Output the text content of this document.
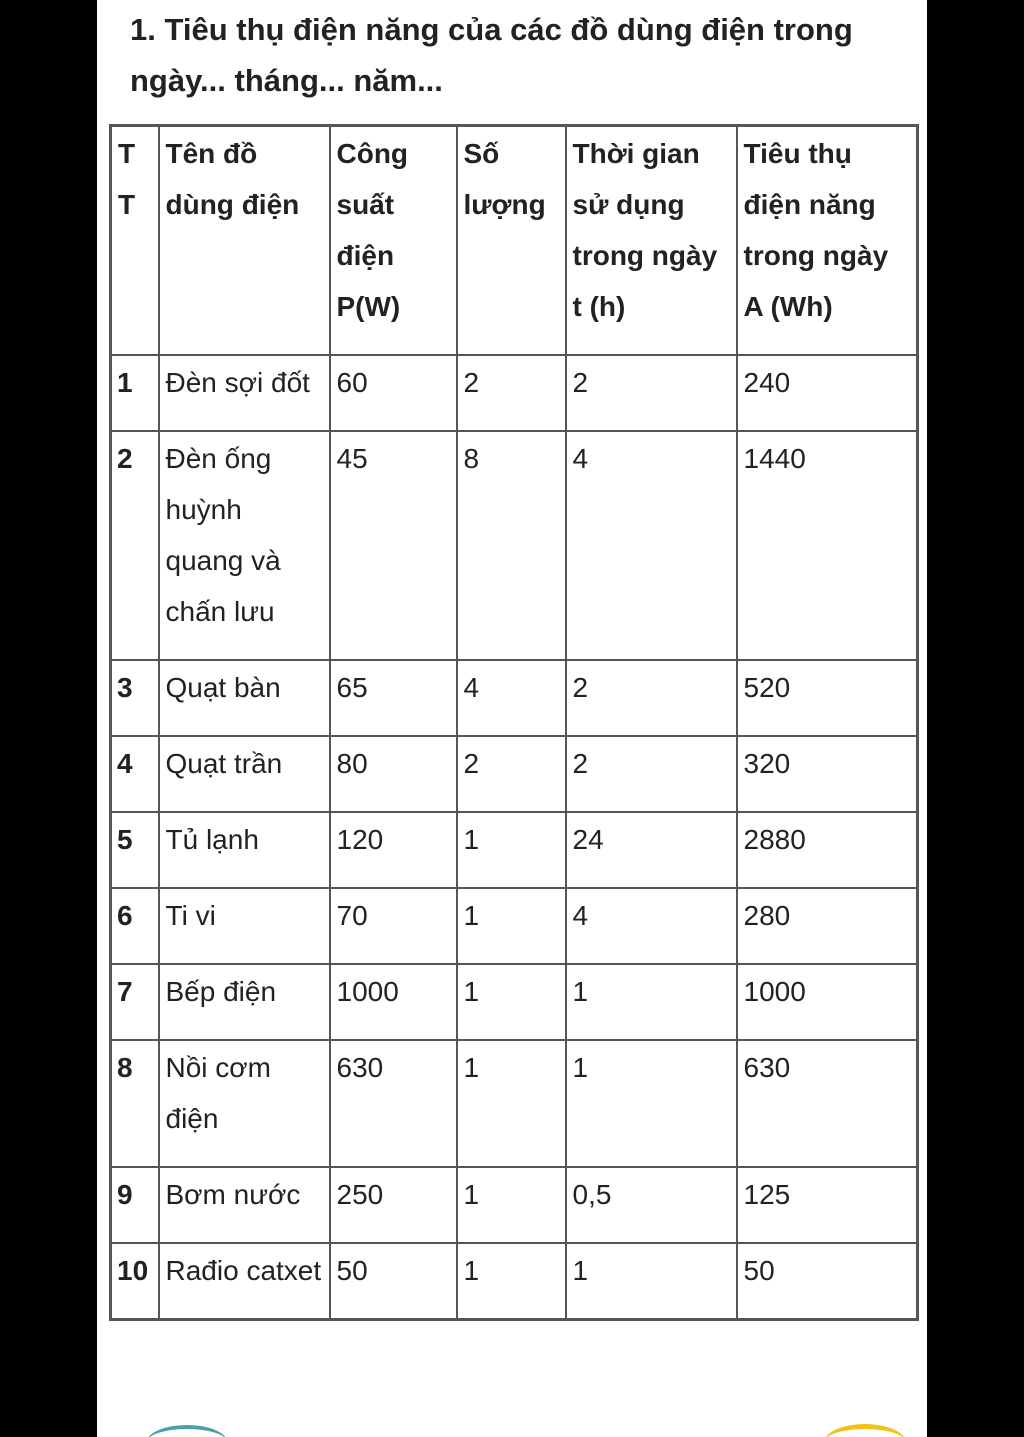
1. Tiêu thụ điện năng của các đồ dùng điện trong ngày... tháng... năm...
TT	Tên đồ dùng điện	Công suất điện P(W)	Số lượng	Thời gian sử dụng trong ngày t (h)	Tiêu thụ điện năng trong ngày A (Wh)
1	Đèn sợi đốt	60	2	2	240
2	Đèn ống huỳnh quang và chấn lưu	45	8	4	1440
3	Quạt bàn	65	4	2	520
4	Quạt trần	80	2	2	320
5	Tủ lạnh	120	1	24	2880
6	Ti vi	70	1	4	280
7	Bếp điện	1000	1	1	1000
8	Nồi cơm điện	630	1	1	630
9	Bơm nước	250	1	0,5	125
10	Rađio catxet	50	1	1	50
